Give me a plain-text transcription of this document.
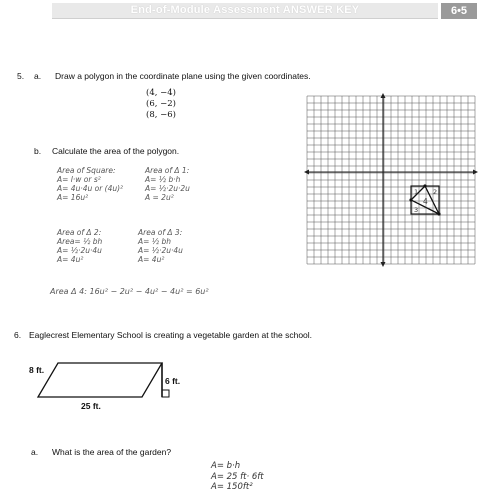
End-of-Module Assessment ANSWER KEY	6•5
5. a. Draw a polygon in the coordinate plane using the given coordinates.
(4, −4)
(6, −2)
(8, −6)
b. Calculate the area of the polygon.
1 2
3
4
Area of Square:
A= l·w or s²
A= 4u·4u or (4u)²
A= 16u²
Area of Δ 1:
A= ½ b·h
A= ½·2u·2u
A = 2u²
Area of Δ 2:
Area= ½ bh
A= ½·2u·4u
A= 4u²
Area of Δ 3:
A= ½ bh
A= ½·2u·4u
A= 4u²
Area Δ 4: 16u² − 2u² − 4u² − 4u² = 6u²
6. Eaglecrest Elementary School is creating a vegetable garden at the school.
8 ft.
6 ft.
25 ft.
a. What is the area of the garden?
A= b·h
A= 25 ft· 6ft
A= 150ft²
